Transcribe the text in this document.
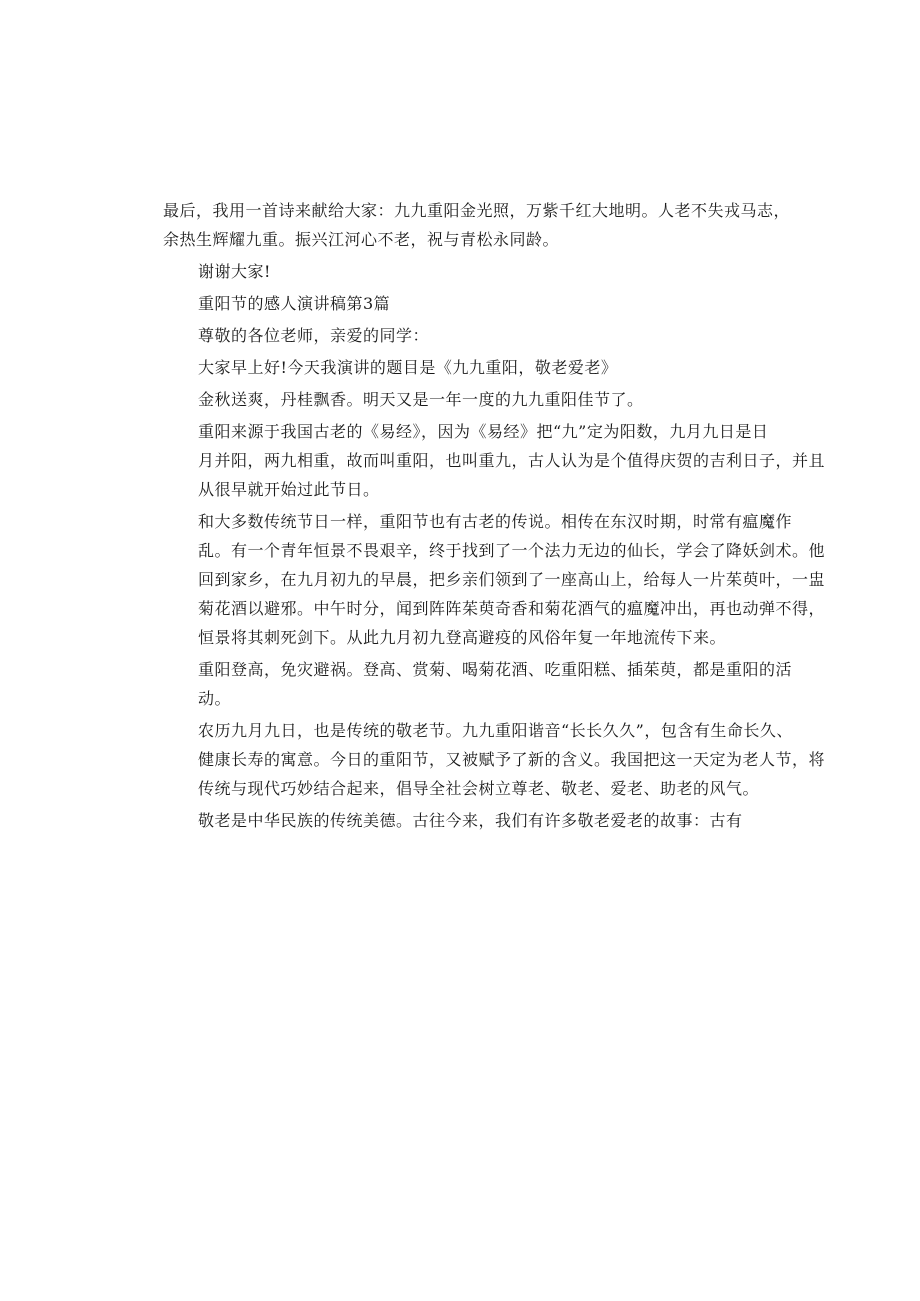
最后，我用一首诗来献给大家：九九重阳金光照，万紫千红大地明。人老不失戎马志，
余热生辉耀九重。振兴江河心不老，祝与青松永同龄。

谢谢大家!

重阳节的感人演讲稿第3篇

尊敬的各位老师，亲爱的同学：

大家早上好!今天我演讲的题目是《九九重阳，敬老爱老》

金秋送爽，丹桂飘香。明天又是一年一度的九九重阳佳节了。

重阳来源于我国古老的《易经》，因为《易经》把“九”定为阳数，九月九日是日
月并阳，两九相重，故而叫重阳，也叫重九，古人认为是个值得庆贺的吉利日子，并且
从很早就开始过此节日。

和大多数传统节日一样，重阳节也有古老的传说。相传在东汉时期，时常有瘟魔作
乱。有一个青年恒景不畏艰辛，终于找到了一个法力无边的仙长，学会了降妖剑术。他
回到家乡，在九月初九的早晨，把乡亲们领到了一座高山上，给每人一片茱萸叶，一盅
菊花酒以避邪。中午时分，闻到阵阵茱萸奇香和菊花酒气的瘟魔冲出，再也动弹不得，
恒景将其刺死剑下。从此九月初九登高避疫的风俗年复一年地流传下来。

重阳登高，免灾避祸。登高、赏菊、喝菊花酒、吃重阳糕、插茱萸，都是重阳的活
动。

农历九月九日，也是传统的敬老节。九九重阳谐音“长长久久”，包含有生命长久、
健康长寿的寓意。今日的重阳节，又被赋予了新的含义。我国把这一天定为老人节，将
传统与现代巧妙结合起来，倡导全社会树立尊老、敬老、爱老、助老的风气。

敬老是中华民族的传统美德。古往今来，我们有许多敬老爱老的故事：古有
